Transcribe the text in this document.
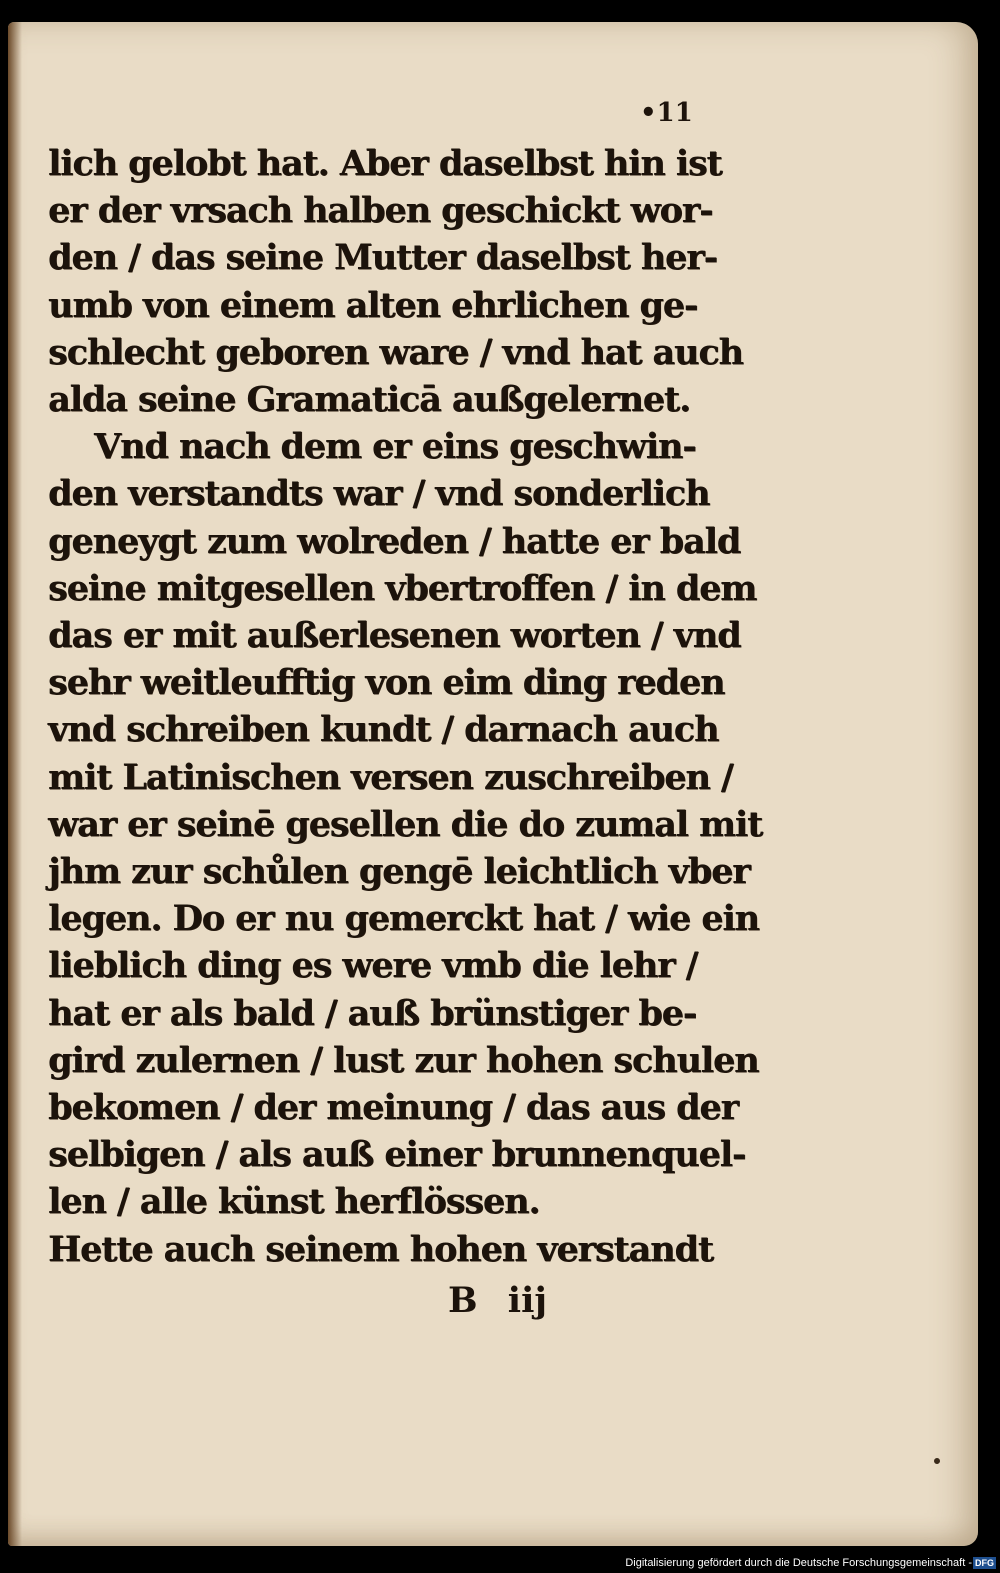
•11
lich gelobt hat. Aber daselbst hin ist
er der vrsach halben geschickt wor-
den / das seine Mutter daselbst her-
umb von einem alten ehrlichen ge-
schlecht geboren ware / vnd hat auch
alda seine Gramaticā außgelernet.
Vnd nach dem er eins geschwin-
den verstandts war / vnd sonderlich
geneygt zum wolreden / hatte er bald
seine mitgesellen vbertroffen / in dem
das er mit außerlesenen worten / vnd
sehr weitleufftig von eim ding reden
vnd schreiben kundt / darnach auch
mit Latinischen versen zuschreiben /
war er seinē gesellen die do zumal mit
jhm zur schůlen gengē leichtlich vber
legen. Do er nu gemerckt hat / wie ein
lieblich ding es were vmb die lehr /
hat er als bald / auß brünstiger be-
gird zulernen / lust zur hohen schulen
bekomen / der meinung / das aus der
selbigen / als auß einer brunnenquel-
len / alle künst herflössen.
Hette auch seinem hohen verstandt
B iij
Digitalisierung gefördert durch die Deutsche Forschungsgemeinschaft - DFG
